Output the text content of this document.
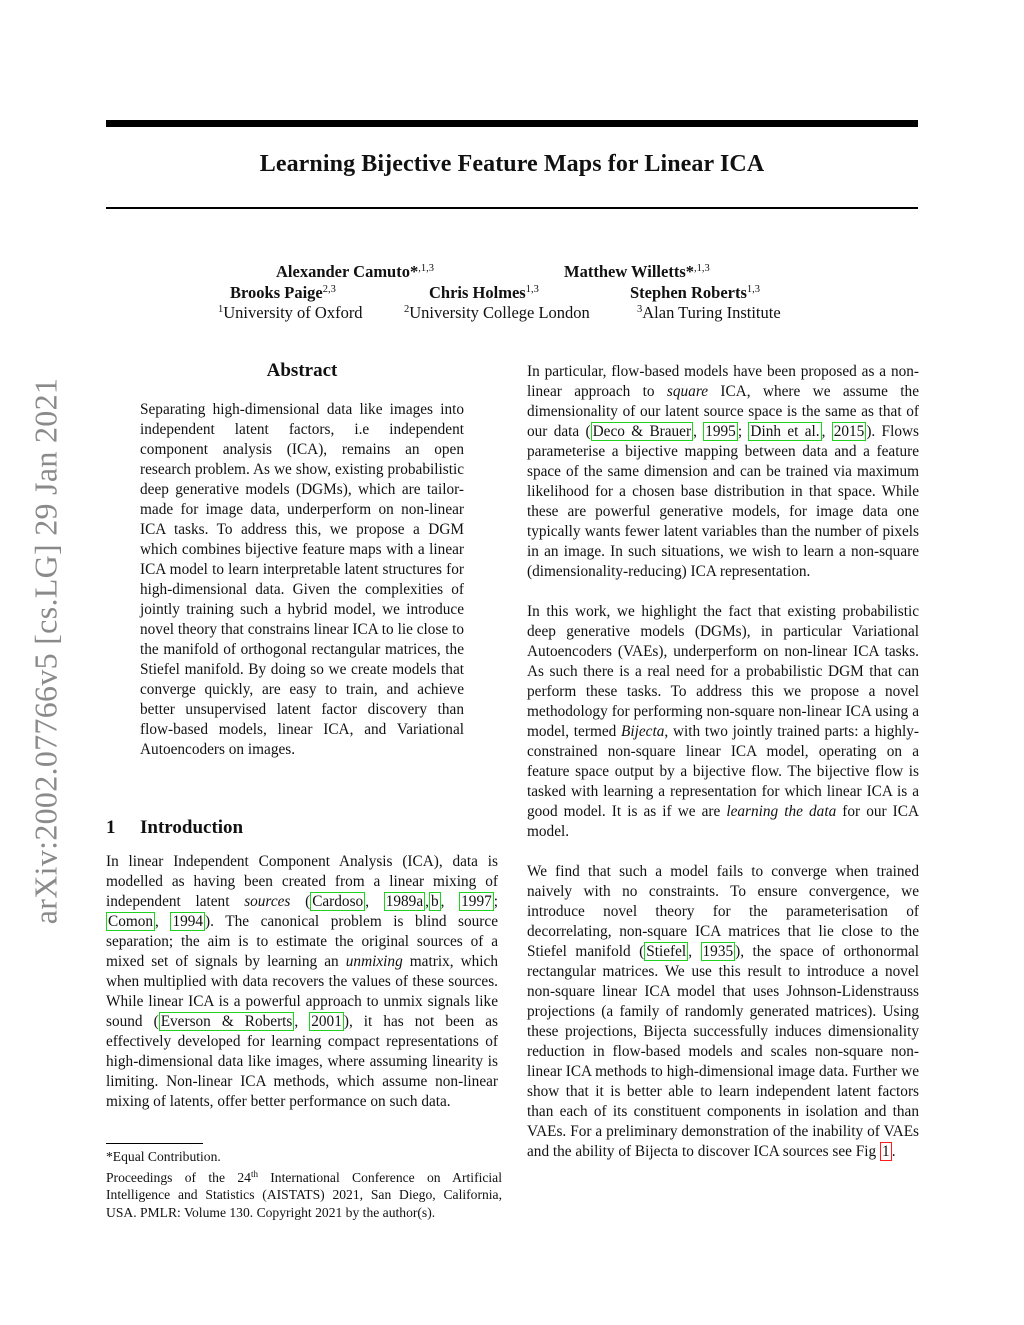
Learning Bijective Feature Maps for Linear ICA
Alexander Camuto*$^{,1,3}$	Matthew Willetts*$^{,1,3}$
Brooks Paige$^{2,3}$	Chris Holmes$^{1,3}$	Stephen Roberts$^{1,3}$
$^1$University of Oxford	$^2$University College London	$^3$Alan Turing Institute
arXiv:2002.07766v5 [cs.LG] 29 Jan 2021
Abstract

Separating high-dimensional data like images into independent latent factors, i.e independent component analysis (ICA), remains an open research problem. As we show, existing probabilistic deep generative models (DGMs), which are tailor-made for image data, underperform on non-linear ICA tasks. To address this, we propose a DGM which combines bijective feature maps with a linear ICA model to learn interpretable latent structures for high-dimensional data. Given the complexities of jointly training such a hybrid model, we introduce novel theory that constrains linear ICA to lie close to the manifold of orthogonal rectangular matrices, the Stiefel manifold. By doing so we create models that converge quickly, are easy to train, and achieve better unsupervised latent factor discovery than flow-based models, linear ICA, and Variational Autoencoders on images.

1 Introduction

In linear Independent Component Analysis (ICA), data is modelled as having been created from a linear mixing of independent latent sources ( Cardoso , 1989a , b , 1997 ; Comon , 1994 ). The canonical problem is blind source separation; the aim is to estimate the original sources of a mixed set of signals by learning an unmixing matrix, which when multiplied with data recovers the values of these sources. While linear ICA is a powerful approach to unmix signals like sound ( Everson & Roberts , 2001 ), it has not been as effectively developed for learning compact representations of high-dimensional data like images, where assuming linearity is limiting. Non-linear ICA methods, which assume non-linear mixing of latents, offer better performance on such data.

*Equal Contribution.

Proceedings of the 24th International Conference on Artificial Intelligence and Statistics (AISTATS) 2021, San Diego, California, USA. PMLR: Volume 130. Copyright 2021 by the author(s).

In particular, flow-based models have been proposed as a non-linear approach to square ICA, where we assume the dimensionality of our latent source space is the same as that of our data ( Deco & Brauer , 1995 ; Dinh et al. , 2015 ). Flows parameterise a bijective mapping between data and a feature space of the same dimension and can be trained via maximum likelihood for a chosen base distribution in that space. While these are powerful generative models, for image data one typically wants fewer latent variables than the number of pixels in an image. In such situations, we wish to learn a non-square (dimensionality-reducing) ICA representation.

In this work, we highlight the fact that existing probabilistic deep generative models (DGMs), in particular Variational Autoencoders (VAEs), underperform on non-linear ICA tasks. As such there is a real need for a probabilistic DGM that can perform these tasks. To address this we propose a novel methodology for performing non-square non-linear ICA using a model, termed Bijecta, with two jointly trained parts: a highly-constrained non-square linear ICA model, operating on a feature space output by a bijective flow. The bijective flow is tasked with learning a representation for which linear ICA is a good model. It is as if we are learning the data for our ICA model.

We find that such a model fails to converge when trained naively with no constraints. To ensure convergence, we introduce novel theory for the parameterisation of decorrelating, non-square ICA matrices that lie close to the Stiefel manifold ( Stiefel , 1935 ), the space of orthonormal rectangular matrices. We use this result to introduce a novel non-square linear ICA model that uses Johnson-Lidenstrauss projections (a family of randomly generated matrices). Using these projections, Bijecta successfully induces dimensionality reduction in flow-based models and scales non-square non-linear ICA methods to high-dimensional image data. Further we show that it is better able to learn independent latent factors than each of its constituent components in isolation and than VAEs. For a preliminary demonstration of the inability of VAEs and the ability of Bijecta to discover ICA sources see Fig 1 .
